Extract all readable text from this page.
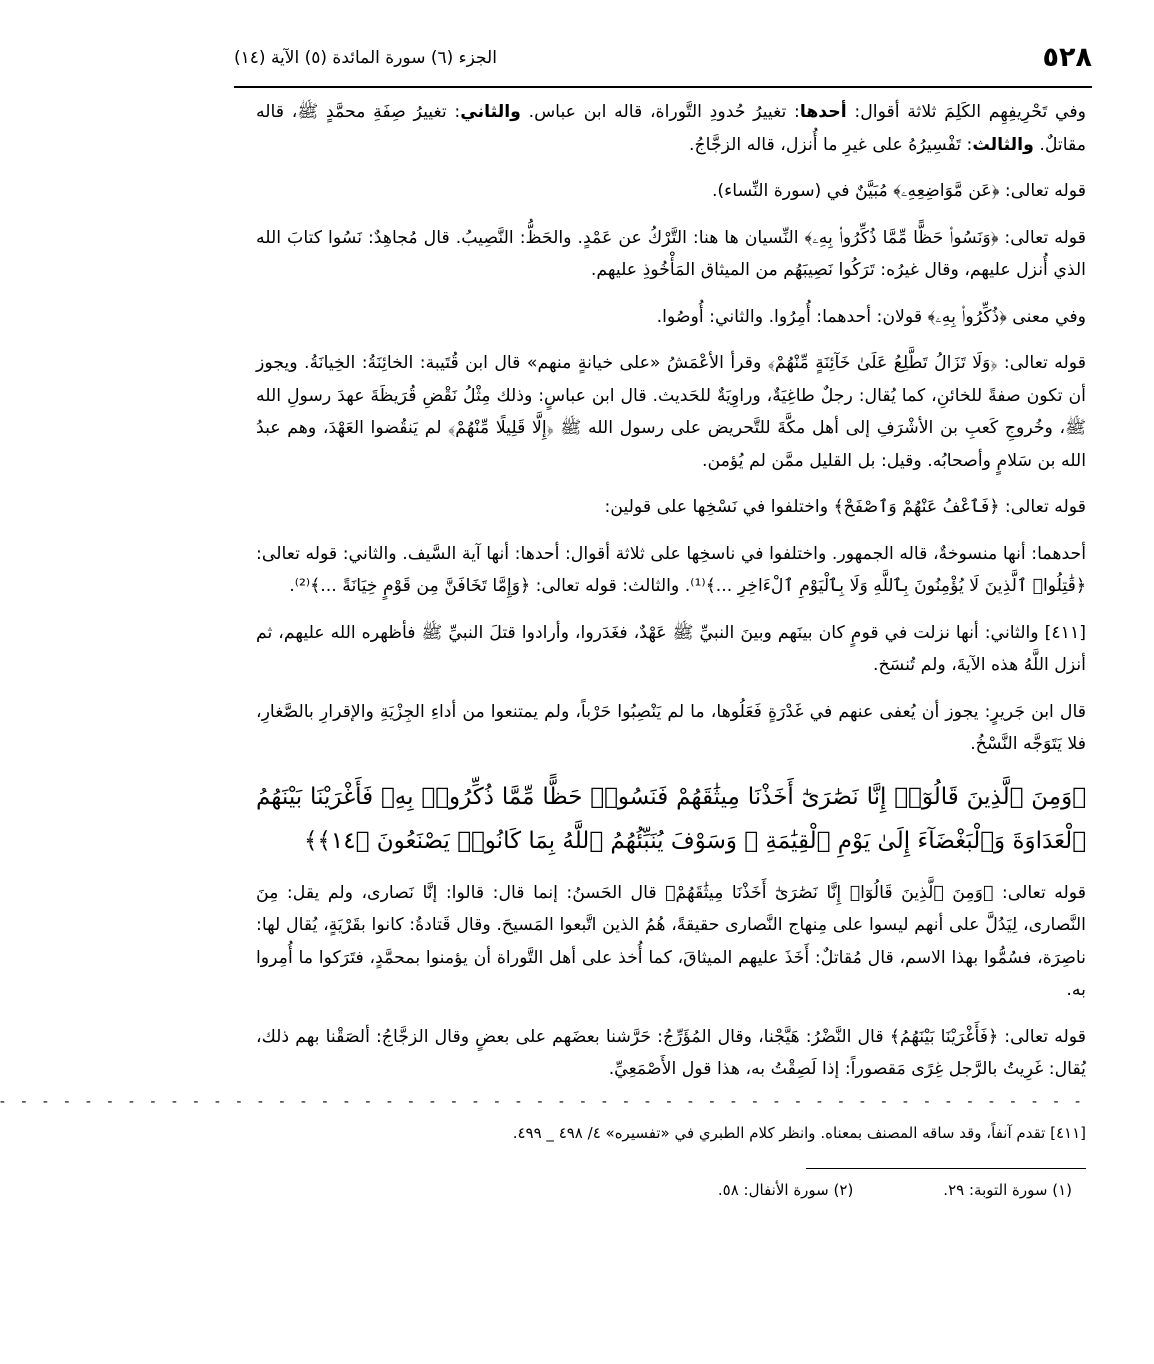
٥٢٨
الجزء (٦) سورة المائدة (٥) الآية (١٤)

وفي تَحْرِيفِهِم الكَلِمَ ثلاثة أقوال: أحدها: تغييرُ حُدودِ التَّوراة، قاله ابن عباس. والثاني: تغييرُ صِفَةِ محمَّدٍ ﷺ، قاله مقاتلٌ. والثالث: تَفْسِيرُهُ على غيرِ ما أُنزل، قاله الزجَّاجُ.

قوله تعالى: ﴿عَن مَّوَاضِعِهِۦ﴾ مُبَيَّنٌ في (سورة النِّساء).

قوله تعالى: ﴿وَنَسُوا۟ حَظًّا مِّمَّا ذُكِّرُوا۟ بِهِۦ﴾ النِّسيان ها هنا: التَّرْكُ عن عَمْدٍ. والحَظُّ: النَّصِيبُ. قال مُجاهِدٌ: نَسُوا كتابَ الله الذي أُنزل عليهم، وقال غيرُه: تَرَكُوا نَصِيبَهُم من الميثاق المَأْخُوذِ عليهم.

وفي معنى ﴿ذُكِّرُوا۟ بِهِۦ﴾ قولان: أحدهما: أُمِرُوا. والثاني: أُوصُوا.

قوله تعالى: ﴿وَلَا تَزَالُ تَطَّلِعُ عَلَىٰ خَآئِنَةٍ مِّنْهُمْ﴾ وقرأ الأعْمَشُ «على خيانةٍ منهم» قال ابن قُتَيبة: الخائِنَةُ: الخِيانَةُ. ويجوز أن تكون صفةً للخائنِ، كما يُقال: رجلٌ طاغِيَةٌ، وراوِيَةٌ للحَديث. قال ابن عباسٍ: وذلك مِثْلُ نَقْضِ قُرَيظَةَ عهدَ رسولِ الله ﷺ، وخُروجِ كَعبِ بن الأشْرَفِ إلى أهل مكَّةَ للتَّحريض على رسول الله ﷺ ﴿إِلَّا قَلِيلًا مِّنْهُمْ﴾ لم يَنقُضوا العَهْدَ، وهم عبدُ الله بن سَلامٍ وأصحابُه. وقيل: بل القليل ممَّن لم يُؤمن.

قوله تعالى: ﴿فَٱعْفُ عَنْهُمْ وَٱصْفَحْ﴾ واختلفوا في نَسْخِها على قولين:

أحدهما: أنها منسوخةٌ، قاله الجمهور. واختلفوا في ناسخِها على ثلاثة أقوال: أحدها: أنها آية السَّيف. والثاني: قوله تعالى: ﴿قَٰتِلُوا۟ ٱلَّذِينَ لَا يُؤْمِنُونَ بِٱللَّهِ وَلَا بِٱلْيَوْمِ ٱلْءَاخِرِ ...﴾⁽¹⁾. والثالث: قوله تعالى: ﴿وَإِمَّا تَخَافَنَّ مِن قَوْمٍ خِيَانَةً ...﴾⁽²⁾.

[٤١١] والثاني: أنها نزلت في قومٍ كان بينَهم وبينَ النبيِّ ﷺ عَهْدٌ، فغَدَروا، وأرادوا قتلَ النبيِّ ﷺ فأظهره الله عليهم، ثم أنزل اللَّهُ هذه الآيةَ، ولم تُنسَخ.

قال ابن جَريرٍ: يجوز أن يُعفى عنهم في غَدْرَةٍ فَعَلُوها، ما لم يَنْصِبُوا حَرْباً، ولم يمتنعوا من أداءِ الجِزْيَةِ والإقرارِ بالصَّغارِ، فلا يَتَوَجَّه النَّسْخُ.

﴿وَمِنَ ٱلَّذِينَ قَالُوٓا۟ إِنَّا نَصَٰرَىٰٓ أَخَذْنَا مِيثَٰقَهُمْ فَنَسُوا۟ حَظًّا مِّمَّا ذُكِّرُوا۟ بِهِۦ فَأَغْرَيْنَا بَيْنَهُمُ ٱلْعَدَاوَةَ وَٱلْبَغْضَآءَ إِلَىٰ يَوْمِ ٱلْقِيَٰمَةِ ۚ وَسَوْفَ يُنَبِّئُهُمُ ٱللَّهُ بِمَا كَانُوا۟ يَصْنَعُونَ ﴿١٤﴾﴾

قوله تعالى: ﴿وَمِنَ ٱلَّذِينَ قَالُوٓا۟ إِنَّا نَصَٰرَىٰٓ أَخَذْنَا مِيثَٰقَهُمْ﴾ قال الحَسنُ: إنما قال: قالوا: إنَّا نَصارى، ولم يقل: مِنَ النَّصارى، لِيَدُلَّ على أنهم ليسوا على مِنهاج النَّصارى حقيقةً، هُمُ الذين اتَّبعوا المَسيحَ. وقال قَتادةُ: كانوا بقَرْيَةٍ، يُقال لها: ناصِرَة، فسُمُّوا بهذا الاسم، قال مُقاتلٌ: أَخَذَ عليهم الميثاقَ، كما أُخذ على أهل التَّوراة أن يؤمنوا بمحمَّدٍ، فتَرَكوا ما أُمِروا به.

قوله تعالى: ﴿فَأَغْرَيْنَا بَيْنَهُمُ﴾ قال النَّضْرُ: هَيَّجْنا، وقال المُؤَرِّجُ: حَرَّشنا بعضَهم على بعضٍ وقال الزجَّاجُ: ألصَقْنا بهم ذلك، يُقال: غَرِيتُ بالرَّجل غِرًى مَقصوراً: إذا لَصِقْتُ به، هذا قول الأَصْمَعِيِّ.

- - - - - - - - - - - - - - - - - - - - - - - - - - - - - - - - - - - - - - - - - - - - - - - - - - -
[٤١١] تقدم آنفاً، وقد ساقه المصنف بمعناه. وانظر كلام الطبري في «تفسيره» ٤/ ٤٩٨ _ ٤٩٩.
(١) سورة التوبة: ٢٩.
(٢) سورة الأنفال: ٥٨.
